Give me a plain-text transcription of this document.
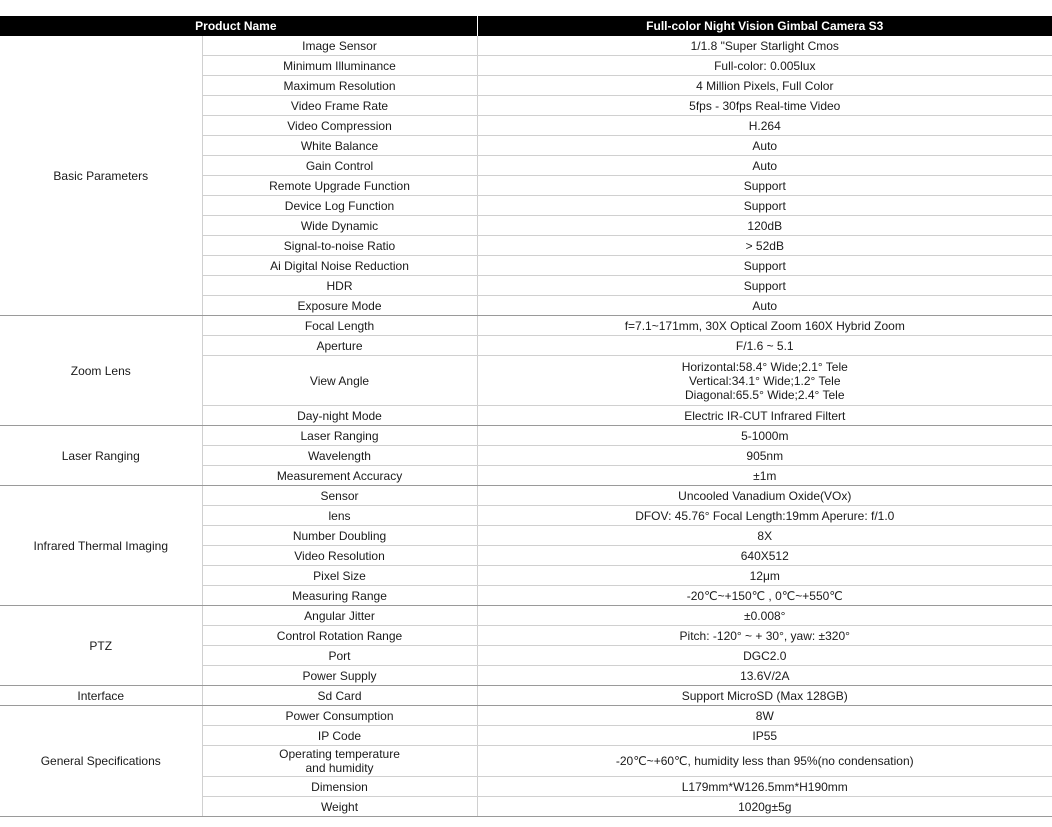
Product Name		Full-color Night Vision Gimbal Camera S3
Basic Parameters	Image Sensor	1/1.8 "Super Starlight Cmos

	Minimum Illuminance	Full-color: 0.005lux

	Maximum Resolution	4 Million Pixels, Full Color

	Video Frame Rate	5fps - 30fps Real-time Video

	Video Compression	H.264

	White Balance	Auto

	Gain Control	Auto

	Remote Upgrade Function	Support

	Device Log Function	Support

	Wide Dynamic	120dB

	Signal-to-noise Ratio	> 52dB

	Ai Digital Noise Reduction	Support

	HDR	Support

	Exposure Mode	Auto

Zoom Lens	Focal Length	f=7.1~171mm, 30X Optical Zoom 160X Hybrid Zoom

	Aperture	F/1.6 ~ 5.1

	View Angle	Horizontal:58.4° Wide;2.1° Tele
Vertical:34.1° Wide;1.2° Tele
Diagonal:65.5° Wide;2.4° Tele

	Day-night Mode	Electric IR-CUT Infrared Filtert

Laser Ranging	Laser Ranging	5-1000m

	Wavelength	905nm

	Measurement Accuracy	±1m

Infrared Thermal Imaging	Sensor	Uncooled Vanadium Oxide(VOx)

	lens	DFOV: 45.76° Focal Length:19mm Aperure: f/1.0

	Number Doubling	8X

	Video Resolution	640X512

	Pixel Size	12μm

	Measuring Range	-20℃~+150℃ , 0℃~+550℃

PTZ	Angular Jitter	±0.008°

	Control Rotation Range	Pitch: -120° ~ + 30°, yaw: ±320°

	Port	DGC2.0

	Power Supply	13.6V/2A

Interface	Sd Card	Support MicroSD (Max 128GB)

General Specifications	Power Consumption	8W

	IP Code	IP55

	Operating temperature
and humidity	-20℃~+60℃, humidity less than 95%(no condensation)

	Dimension	L179mm*W126.5mm*H190mm

	Weight	1020g±5g
